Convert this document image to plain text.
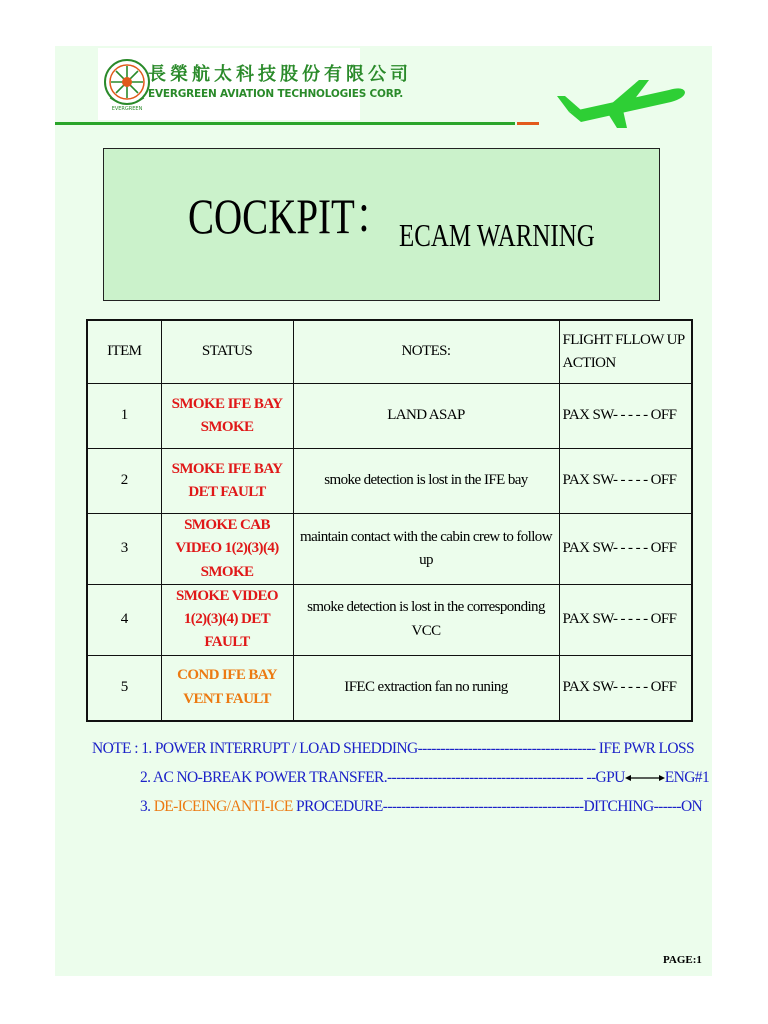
EVERGREEN
長榮航太科技股份有限公司
EVERGREEN AVIATION TECHNOLOGIES CORP.
COCKPIT： ECAM WARNING
ITEM	STATUS	NOTES:	FLIGHT FLLOW UP ACTION
1	SMOKE IFE BAY SMOKE	LAND ASAP	PAX SW- - - - - OFF
2	SMOKE IFE BAY DET FAULT	smoke detection is lost in the IFE bay	PAX SW- - - - - OFF
3	SMOKE CAB VIDEO 1(2)(3)(4) SMOKE	maintain contact with the cabin crew to follow up	PAX SW- - - - - OFF
4	SMOKE VIDEO 1(2)(3)(4) DET FAULT	smoke detection is lost in the corresponding VCC	PAX SW- - - - - OFF
5	COND IFE BAY VENT FAULT	IFEC extraction fan no runing	PAX SW- - - - - OFF
NOTE : 1. POWER INTERRUPT / LOAD SHEDDING--------------------------------------- IFE PWR LOSS
2. AC NO-BREAK POWER TRANSFER.------------------------------------------- --GPU	ENG#1
3. DE-ICEING/ANTI-ICE PROCEDURE--------------------------------------------DITCHING------ON
PAGE:1
